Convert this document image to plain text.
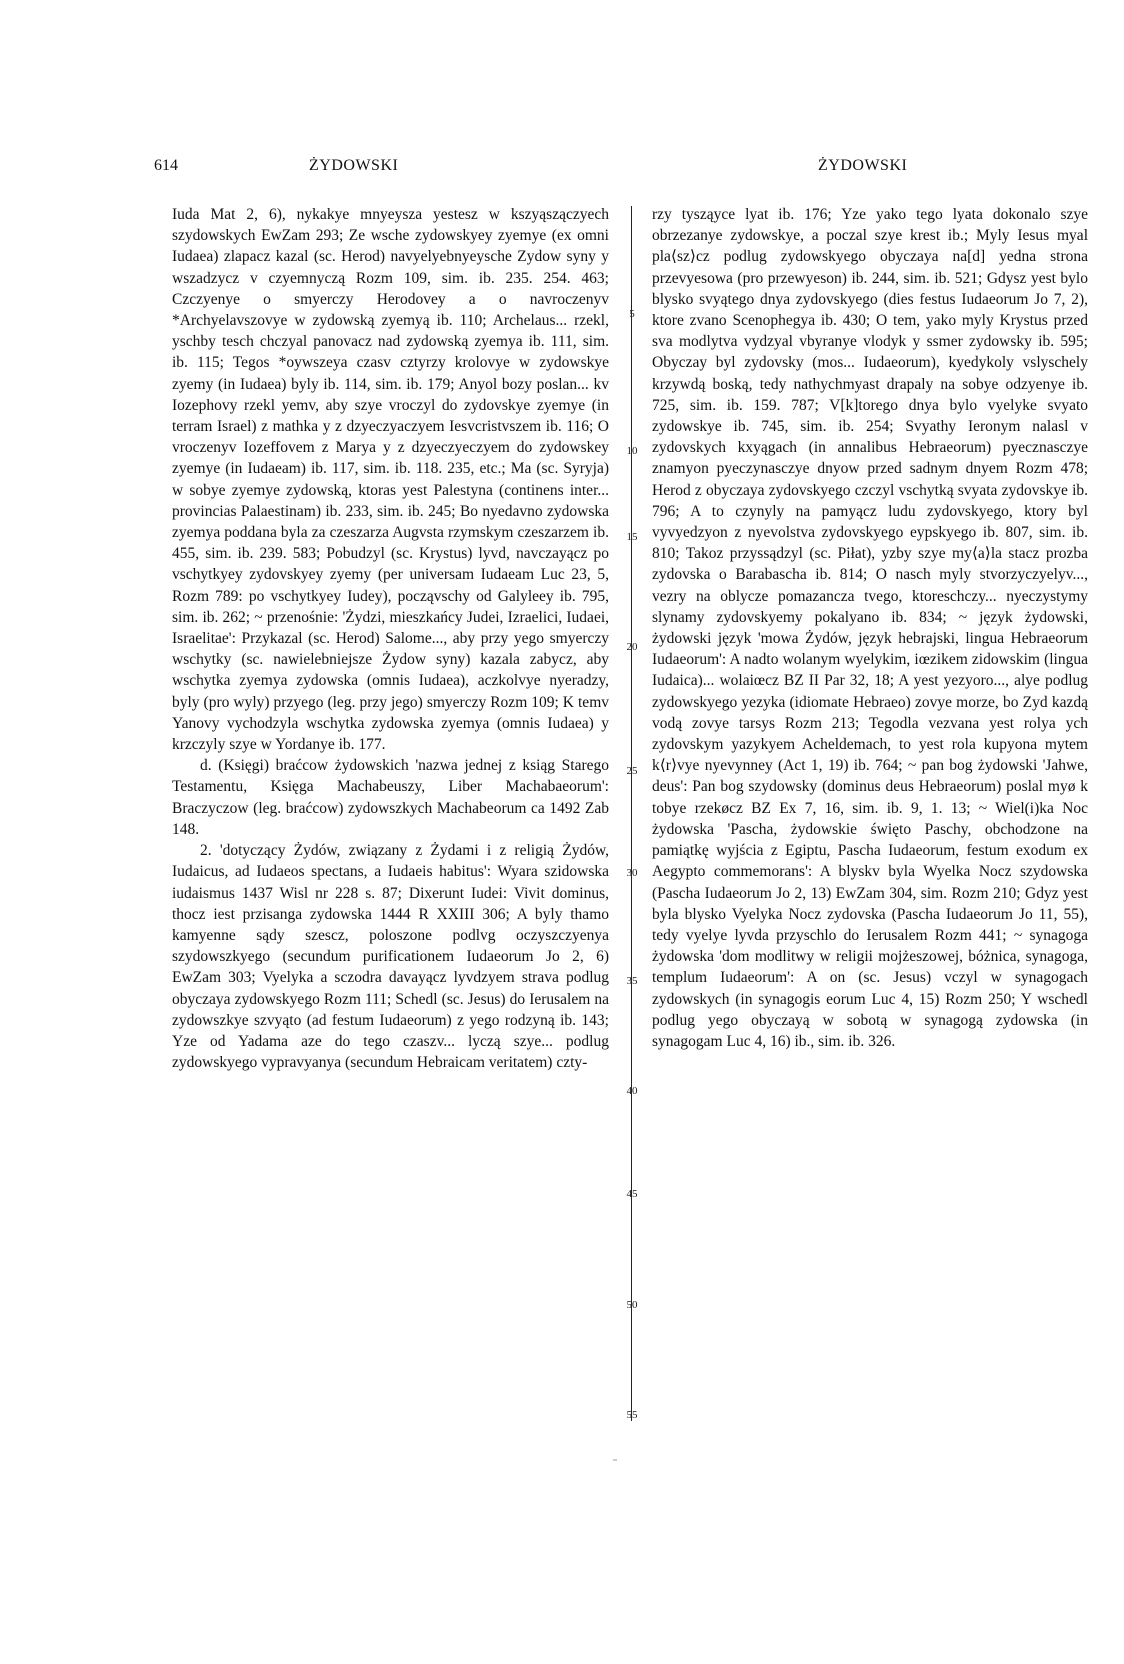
614	ŻYDOWSKI	ŻYDOWSKI

Iuda Mat 2, 6), nykakye mnyeysza yestesz w kszyąszączyech szydowskych EwZam 293; Ze wsche zydowskyey zyemye (ex omni Iudaea) zlapacz kazal (sc. Herod) navyelyebnyeysche Zydow syny y wszadzycz v czyemnyczą Rozm 109, sim. ib. 235. 254. 463; Czczyenye o smyerczy Herodovey a o navroczenyv *Archyelavszovye w zydowską zyemyą ib. 110; Archelaus... rzekl, yschby tesch chczyal panovacz nad zydowską zyemya ib. 111, sim. ib. 115; Tegos *oywszeya czasv cztyrzy krolovye w zydowskye zyemy (in Iudaea) byly ib. 114, sim. ib. 179; Anyol bozy poslan... kv Iozephovy rzekl yemv, aby szye vroczyl do zydovskye zyemye (in terram Israel) z mathka y z dzyeczyaczyem Iesvcristvszem ib. 116; O vroczenyv Iozeffovem z Marya y z dzyeczyeczyem do zydowskey zyemye (in Iudaeam) ib. 117, sim. ib. 118. 235, etc.; Ma (sc. Syryja) w sobye zyemye zydowską, ktoras yest Palestyna (continens inter... provincias Palaestinam) ib. 233, sim. ib. 245; Bo nyedavno zydowska zyemya poddana byla za czeszarza Augvsta rzymskym czeszarzem ib. 455, sim. ib. 239. 583; Pobudzyl (sc. Krystus) lyvd, navczayącz po vschytkyey zydovskyey zyemy (per universam Iudaeam Luc 23, 5, Rozm 789: po vschytkyey Iudey), począvschy od Galyleey ib. 795, sim. ib. 262; ~ przenośnie: 'Żydzi, mieszkańcy Judei, Izraelici, Iudaei, Israelitae': Przykazal (sc. Herod) Salome..., aby przy yego smyerczy wschytky (sc. nawielebniejsze Żydow syny) kazala zabycz, aby wschytka zyemya zydowska (omnis Iudaea), aczkolvye nyeradzy, byly (pro wyly) przyego (leg. przy jego) smyerczy Rozm 109; K temv Yanovy vychodzyla wschytka zydowska zyemya (omnis Iudaea) y krzczyly szye w Yordanye ib. 177.

d. (Księgi) braćcow żydowskich 'nazwa jednej z ksiąg Starego Testamentu, Księga Machabeuszy, Liber Machabaeorum': Braczyczow (leg. braćcow) zydowszkych Machabeorum ca 1492 Zab 148.

2. 'dotyczący Żydów, związany z Żydami i z religią Żydów, Iudaicus, ad Iudaeos spectans, a Iudaeis habitus': Wyara szidowska iudaismus 1437 Wisl nr 228 s. 87; Dixerunt Iudei: Vivit dominus, thocz iest przisanga zydowska 1444 R XXIII 306; A byly thamo kamyenne sądy szescz, poloszone podlvg oczyszczyenya szydowszkyego (secundum purificationem Iudaeorum Jo 2, 6) EwZam 303; Vyelyka a sczodra davayącz lyvdzyem strava podlug obyczaya zydowskyego Rozm 111; Schedl (sc. Jesus) do Ierusalem na zydowszkye szvyąto (ad festum Iudaeorum) z yego rodzyną ib. 143; Yze od Yadama aze do tego czaszv... lyczą szye... podlug zydowskyego vypravyanya (secundum Hebraicam veritatem) czty-

5
10
15
20
25
30
35
40
45
50
55

rzy tysząyce lyat ib. 176; Yze yako tego lyata dokonalo szye obrzezanye zydowskye, a poczal szye krest ib.; Myly Iesus myal pla⟨sz⟩cz podlug zydowskyego obyczaya na[d] yedna strona przevyesowa (pro przewyeson) ib. 244, sim. ib. 521; Gdysz yest bylo blysko svyątego dnya zydovskyego (dies festus Iudaeorum Jo 7, 2), ktore zvano Scenophegya ib. 430; O tem, yako myly Krystus przed sva modlytva vydzyal vbyranye vlodyk y ssmer zydowsky ib. 595; Obyczay byl zydovsky (mos... Iudaeorum), kyedykoly vslyschely krzywdą boską, tedy nathychmyast drapaly na sobye odzyenye ib. 725, sim. ib. 159. 787; V[k]torego dnya bylo vyelyke svyato zydowskye ib. 745, sim. ib. 254; Svyathy Ieronym nalasl v zydovskych kxyągach (in annalibus Hebraeorum) pyecznasczye znamyon pyeczynasczye dnyow przed sadnym dnyem Rozm 478; Herod z obyczaya zydovskyego czczyl vschytką svyata zydovskye ib. 796; A to czynyly na pamyącz ludu zydovskyego, ktory byl vyvyedzyon z nyevolstva zydovskyego eypskyego ib. 807, sim. ib. 810; Takoz przyssądzyl (sc. Piłat), yzby szye my⟨a⟩la stacz prozba zydovska o Barabascha ib. 814; O nasch myly stvorzyczyelyv..., vezry na oblycze pomazancza tvego, ktoreschczy... nyeczystymy slynamy zydovskyemy pokalyano ib. 834; ~ język żydowski, żydowski język 'mowa Żydów, język hebrajski, lingua Hebraeorum Iudaeorum': A nadto wolanym wyelykim, iœzikem zidowskim (lingua Iudaica)... wolaiœcz BZ II Par 32, 18; A yest yezyoro..., alye podlug zydowskyego yezyka (idiomate Hebraeo) zovye morze, bo Zyd kazdą vodą zovye tarsys Rozm 213; Tegodla vezvana yest rolya ych zydovskym yazykyem Acheldemach, to yest rola kupyona mytem k⟨r⟩vye nyevynney (Act 1, 19) ib. 764; ~ pan bog żydowski 'Jahwe, deus': Pan bog szydowsky (dominus deus Hebraeorum) poslal myø k tobye rzekøcz BZ Ex 7, 16, sim. ib. 9, 1. 13; ~ Wiel(i)ka Noc żydowska 'Pascha, żydowskie święto Paschy, obchodzone na pamiątkę wyjścia z Egiptu, Pascha Iudaeorum, festum exodum ex Aegypto commemorans': A blyskv byla Wyelka Nocz szydowska (Pascha Iudaeorum Jo 2, 13) EwZam 304, sim. Rozm 210; Gdyz yest byla blysko Vyelyka Nocz zydovska (Pascha Iudaeorum Jo 11, 55), tedy vyelye lyvda przyschlo do Ierusalem Rozm 441; ~ synagoga żydowska 'dom modlitwy w religii mojżeszowej, bóżnica, synagoga, templum Iudaeorum': A on (sc. Jesus) vczyl w synagogach zydowskych (in synagogis eorum Luc 4, 15) Rozm 250; Y wschedl podlug yego obyczayą w sobotą w synagogą zydowska (in synagogam Luc 4, 16) ib., sim. ib. 326.
